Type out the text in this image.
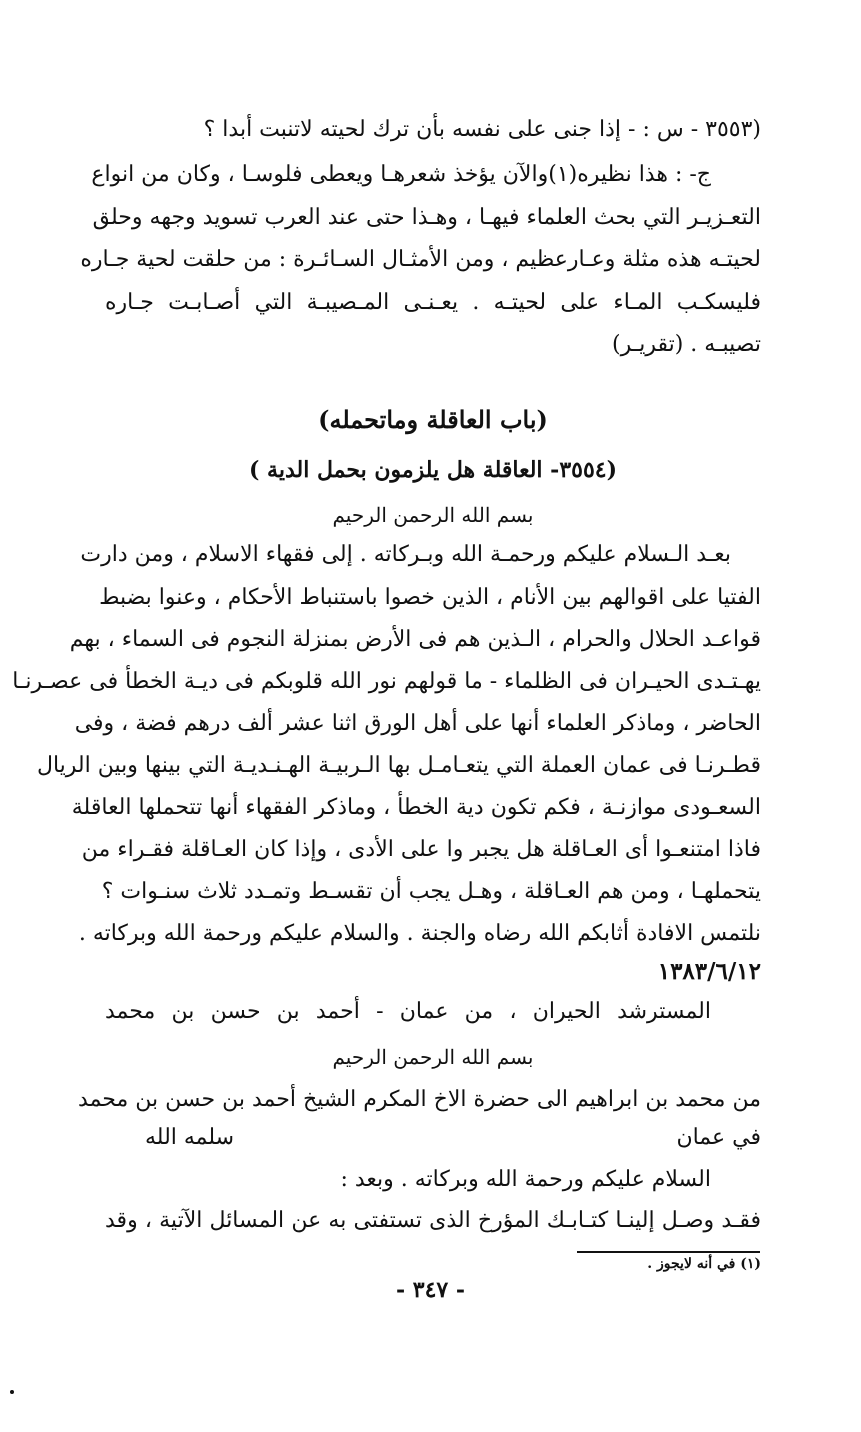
(٣٥٥٣ - س : - إذا جنى على نفسه بأن ترك لحيته لاتنبت أبدا ؟
ج- : هذا نظيره(١)والآن يؤخذ شعرهـا ويعطى فلوسـا ، وكان من انواع
التعـزيـر التي بحث العلماء فيهـا ، وهـذا حتى عند العرب تسويد وجهه وحلق
لحيتـه هذه مثلة وعـارعظيم ، ومن الأمثـال السـائـرة : من حلقت لحية جـاره
فليسكـب المـاء على لحيتـه . يعـنـى المـصيبـة التي أصـابـت جـاره
تصيبـه . (تقريـر)
(باب العاقلة وماتحمله)
(٣٥٥٤- العاقلة هل يلزمون بحمل الدية )
بسم الله الرحمن الرحيم
بعـد الـسلام عليكم ورحمـة الله وبـركاته . إلى فقهاء الاسلام ، ومن دارت
الفتيا على اقوالهم بين الأنام ، الذين خصوا باستنباط الأحكام ، وعنوا بضبط
قواعـد الحلال والحرام ، الـذين هم فى الأرض بمنزلة النجوم فى السماء ، بهم
يهـتـدى الحيـران فى الظلماء - ما قولهم نور الله قلوبكم فى ديـة الخطأ فى عصـرنـا
الحاضر ، وماذكر العلماء أنها على أهل الورق اثنا عشر ألف درهم فضة ، وفى
قطـرنـا فى عمان العملة التي يتعـامـل بها الـربيـة الهـنـديـة التي بينها وبين الريال
السعـودى موازنـة ، فكم تكون دية الخطأ ، وماذكر الفقهاء أنها تتحملها العاقلة
فاذا امتنعـوا أى العـاقلة هل يجبر وا على الأدى ، وإذا كان العـاقلة فقـراء من
يتحملهـا ، ومن هم العـاقلة ، وهـل يجب أن تقسـط وتمـدد ثلاث سنـوات ؟
نلتمس الافادة أثابكم الله رضاه والجنة . والسلام عليكم ورحمة الله وبركاته .
١٣٨٣/٦/١٢
المسترشد الحيران ، من عمان - أحمد بن حسن بن محمد
بسم الله الرحمن الرحيم
من محمد بن ابراهيم الى حضرة الاخ المكرم الشيخ أحمد بن حسن بن محمد
في عمان
سلمه الله
السلام عليكم ورحمة الله وبركاته . وبعد :
فقـد وصـل إلينـا كتـابـك المؤرخ الذى تستفتى به عن المسائل الآتية ، وقد
(١) في أنه لايجوز .
- ٣٤٧ -
